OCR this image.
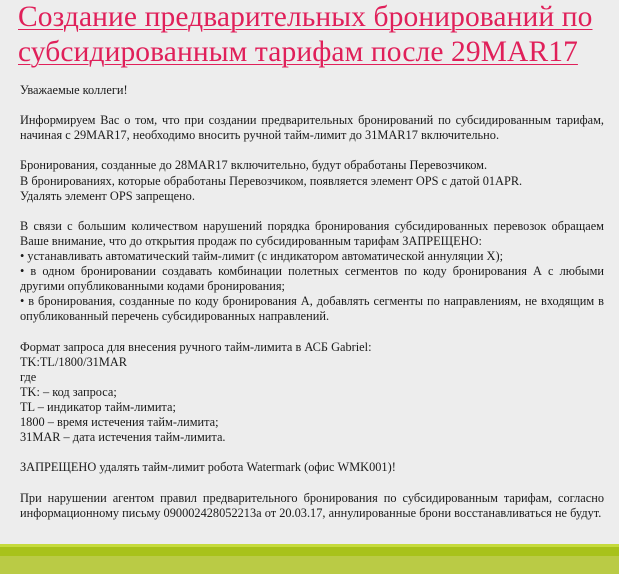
Создание предварительных бронирований по субсидированным тарифам после 29MAR17

Уважаемые коллеги!

Информируем Вас о том, что при создании предварительных бронирований по субсидированным тарифам, начиная с 29MAR17, необходимо вносить ручной тайм-лимит до 31MAR17 включительно.

Бронирования, созданные до 28MAR17 включительно, будут обработаны Перевозчиком.

В бронированиях, которые обработаны Перевозчиком, появляется элемент OPS с датой 01APR.

Удалять элемент OPS запрещено.

В связи с большим количеством нарушений порядка бронирования субсидированных перевозок обращаем Ваше внимание, что до открытия продаж по субсидированным тарифам ЗАПРЕЩЕНО:

• устанавливать автоматический тайм-лимит (с индикатором автоматической аннуляции X);

• в одном бронировании создавать комбинации полетных сегментов по коду бронирования А с любыми другими опубликованными кодами бронирования;

• в бронирования, созданные по коду бронирования А, добавлять сегменты по направлениям, не входящим в опубликованный перечень субсидированных направлений.

Формат запроса для внесения ручного тайм-лимита в АСБ Gabriel:

TK:TL/1800/31MAR

где

TK: – код запроса;

TL – индикатор тайм-лимита;

1800 – время истечения тайм-лимита;

31MAR – дата истечения тайм-лимита.

ЗАПРЕЩЕНО удалять тайм-лимит робота Watermark (офис WMK001)!

При нарушении агентом правил предварительного бронирования по субсидированным тарифам, согласно информационному письму 090002428052213a от 20.03.17, аннулированные брони восстанавливаться не будут.
